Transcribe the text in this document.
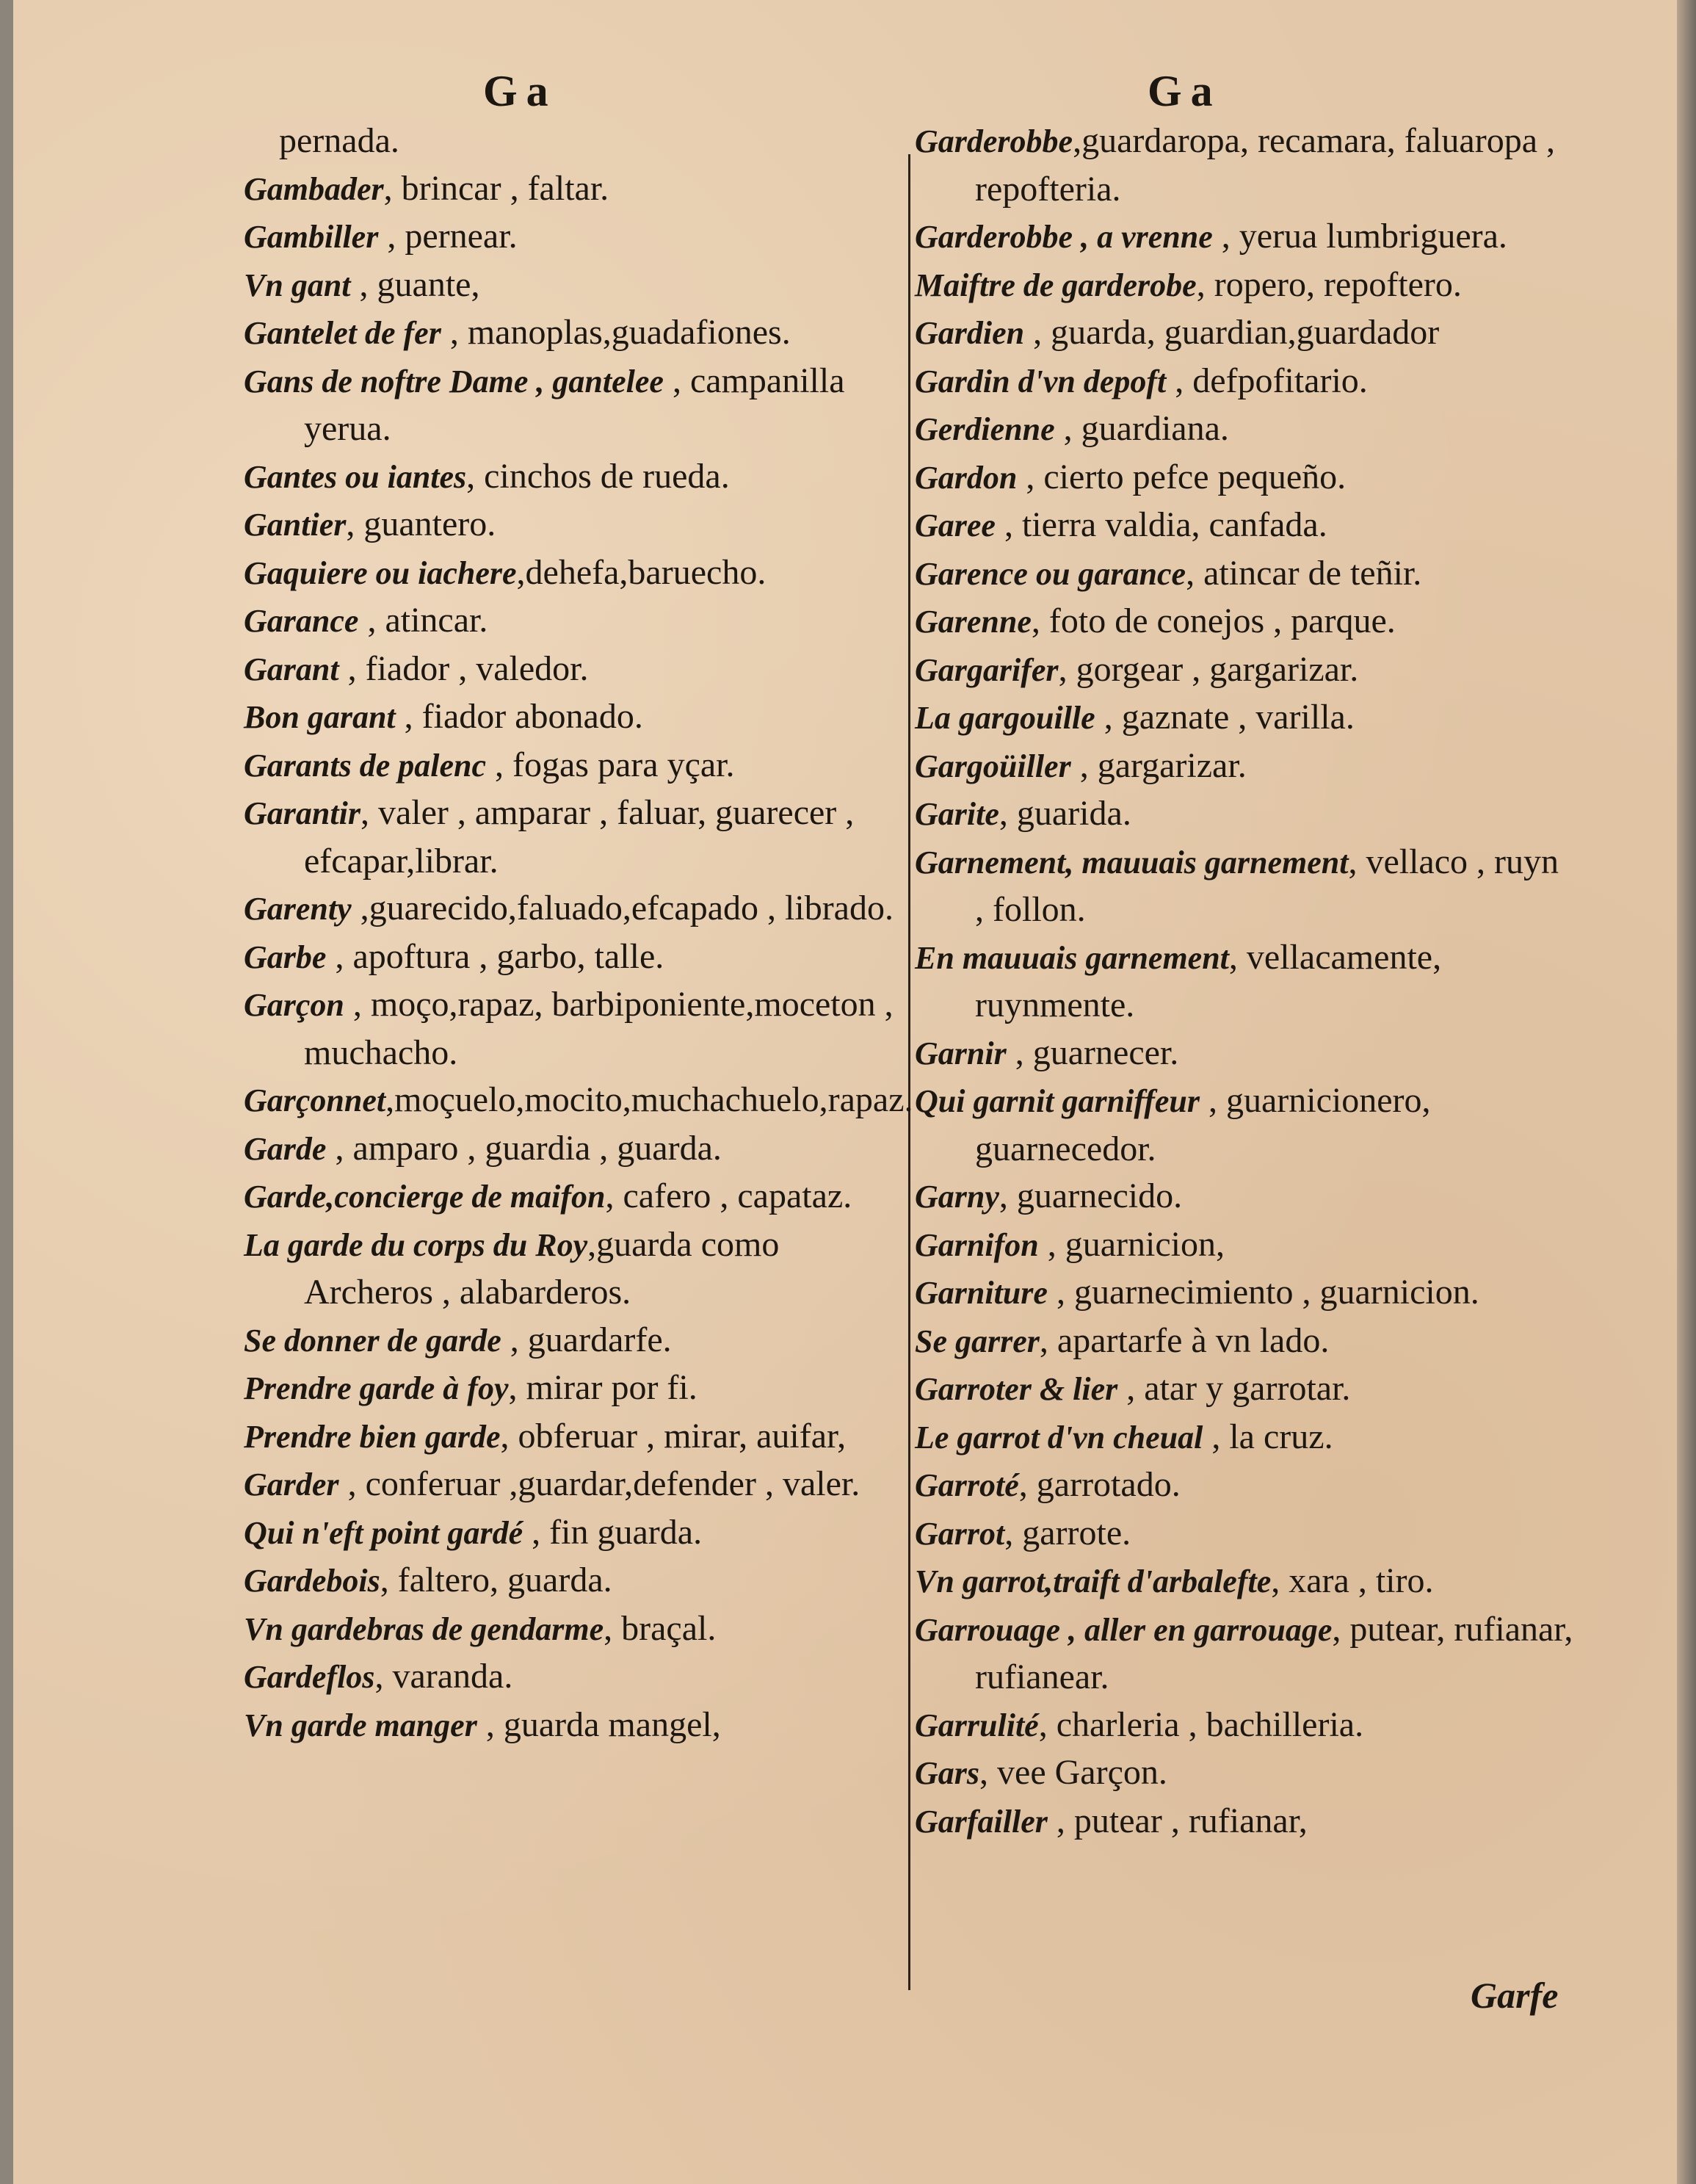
Ga	Ga

pernada.

Gambader, brincar , faltar.

Gambiller , pernear.

Vn gant , guante,

Gantelet de fer , manoplas,guadafiones.

Gans de noftre Dame , gantelee , campanilla yerua.

Gantes ou iantes, cinchos de rueda.

Gantier, guantero.

Gaquiere ou iachere,dehefa,baruecho.

Garance , atincar.

Garant , fiador , valedor.

Bon garant , fiador abonado.

Garants de palenc , fogas para yçar.

Garantir, valer , amparar , faluar, guarecer , efcapar,librar.

Garenty ,guarecido,faluado,efcapado , librado.

Garbe , apoftura , garbo, talle.

Garçon , moço,rapaz, barbiponiente,moceton , muchacho.

Garçonnet,moçuelo,mocito,muchachuelo,rapaz.

Garde , amparo , guardia , guarda.

Garde,concierge de maifon, cafero , capataz.

La garde du corps du Roy,guarda como Archeros , alabarderos.

Se donner de garde , guardarfe.

Prendre garde à foy, mirar por fi.

Prendre bien garde, obferuar , mirar, auifar,

Garder , conferuar ,guardar,defender , valer.

Qui n'eft point gardé , fin guarda.

Gardebois, faltero, guarda.

Vn gardebras de gendarme, braçal.

Gardeflos, varanda.

Vn garde manger , guarda mangel,

Garderobbe,guardaropa, recamara, faluaropa , repofteria.

Garderobbe , a vrenne , yerua lumbriguera.

Maiftre de garderobe, ropero, repoftero.

Gardien , guarda, guardian,guardador

Gardin d'vn depoft , defpofitario.

Gerdienne , guardiana.

Gardon , cierto pefce pequeño.

Garee , tierra valdia, canfada.

Garence ou garance, atincar de teñir.

Garenne, foto de conejos , parque.

Gargarifer, gorgear , gargarizar.

La gargouille , gaznate , varilla.

Gargoüiller , gargarizar.

Garite, guarida.

Garnement, mauuais garnement, vellaco , ruyn , follon.

En mauuais garnement, vellacamente, ruynmente.

Garnir , guarnecer.

Qui garnit garniffeur , guarnicionero, guarnecedor.

Garny, guarnecido.

Garnifon , guarnicion,

Garniture , guarnecimiento , guarnicion.

Se garrer, apartarfe à vn lado.

Garroter & lier , atar y garrotar.

Le garrot d'vn cheual , la cruz.

Garroté, garrotado.

Garrot, garrote.

Vn garrot,traift d'arbalefte, xara , tiro.

Garrouage , aller en garrouage, putear, rufianar, rufianear.

Garrulité, charleria , bachilleria.

Gars, vee Garçon.

Garfailler , putear , rufianar,

Garfe
